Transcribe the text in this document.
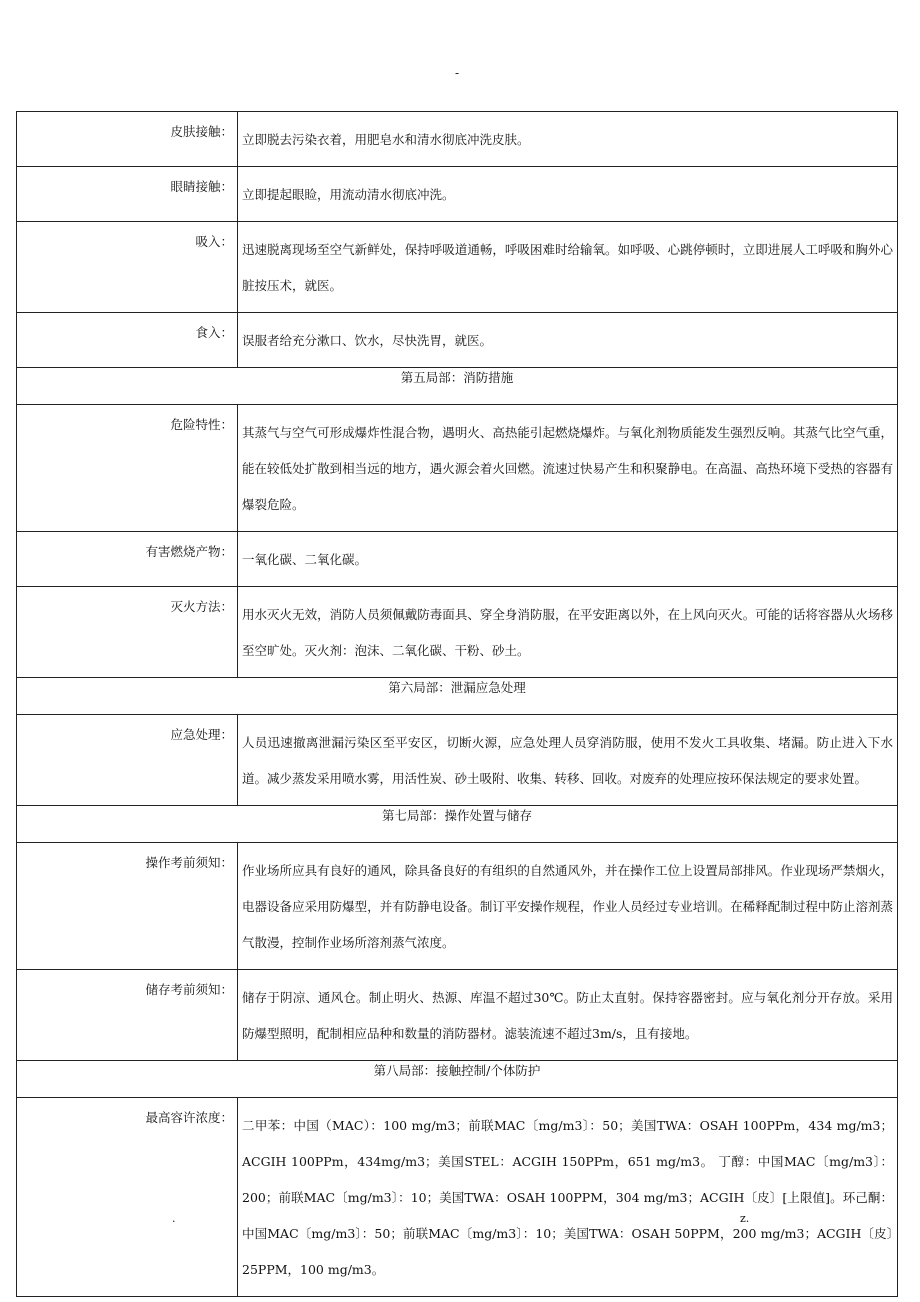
-
皮肤接触：	立即脱去污染衣着，用肥皂水和清水彻底冲洗皮肤。
眼睛接触：	立即提起眼睑，用流动清水彻底冲洗。
吸入：	迅速脱离现场至空气新鲜处，保持呼吸道通畅，呼吸困难时给输氧。如呼吸、心跳停顿时，立即进展人工呼吸和胸外心脏按压术，就医。
食入：	误服者给充分漱口、饮水，尽快洗胃，就医。
第五局部：消防措施	
危险特性：	其蒸气与空气可形成爆炸性混合物，遇明火、高热能引起燃烧爆炸。与氧化剂物质能发生强烈反响。其蒸气比空气重，能在较低处扩散到相当远的地方，遇火源会着火回燃。流速过快易产生和积聚静电。在高温、高热环境下受热的容器有爆裂危险。
有害燃烧产物：	一氧化碳、二氧化碳。
灭火方法：	用水灭火无效，消防人员须佩戴防毒面具、穿全身消防服，在平安距离以外，在上风向灭火。可能的话将容器从火场移至空旷处。灭火剂：泡沫、二氧化碳、干粉、砂土。
第六局部：泄漏应急处理	
应急处理：	人员迅速撤离泄漏污染区至平安区，切断火源，应急处理人员穿消防服，使用不发火工具收集、堵漏。防止进入下水道。减少蒸发采用喷水雾，用活性炭、砂土吸附、收集、转移、回收。对废弃的处理应按环保法规定的要求处置。
第七局部：操作处置与储存	
操作考前须知：	作业场所应具有良好的通风，除具备良好的有组织的自然通风外，并在操作工位上设置局部排风。作业现场严禁烟火，电器设备应采用防爆型，并有防静电设备。制订平安操作规程，作业人员经过专业培训。在稀释配制过程中防止溶剂蒸气散漫，控制作业场所溶剂蒸气浓度。
储存考前须知：	储存于阴凉、通风仓。制止明火、热源、库温不超过30℃。防止太直射。保持容器密封。应与氧化剂分开存放。采用防爆型照明，配制相应品种和数量的消防器材。滤装流速不超过3m/s，且有接地。
第八局部：接触控制/个体防护	
最高容许浓度：	二甲苯：中国（MAC）：100 mg/m3；前联MAC〔mg/m3〕：50；美国TWA：OSAH 100PPm，434 mg/m3；ACGIH 100PPm，434mg/m3；美国STEL：ACGIH 150PPm，651 mg/m3。 丁醇：中国MAC〔mg/m3〕：200；前联MAC〔mg/m3〕：10；美国TWA：OSAH 100PPM，304 mg/m3；ACGIH〔皮〕[上限值]。环己酮：中国MAC〔mg/m3〕：50；前联MAC〔mg/m3〕：10；美国TWA：OSAH 50PPM，200 mg/m3；ACGIH〔皮〕25PPM，100 mg/m3。
.	z.
